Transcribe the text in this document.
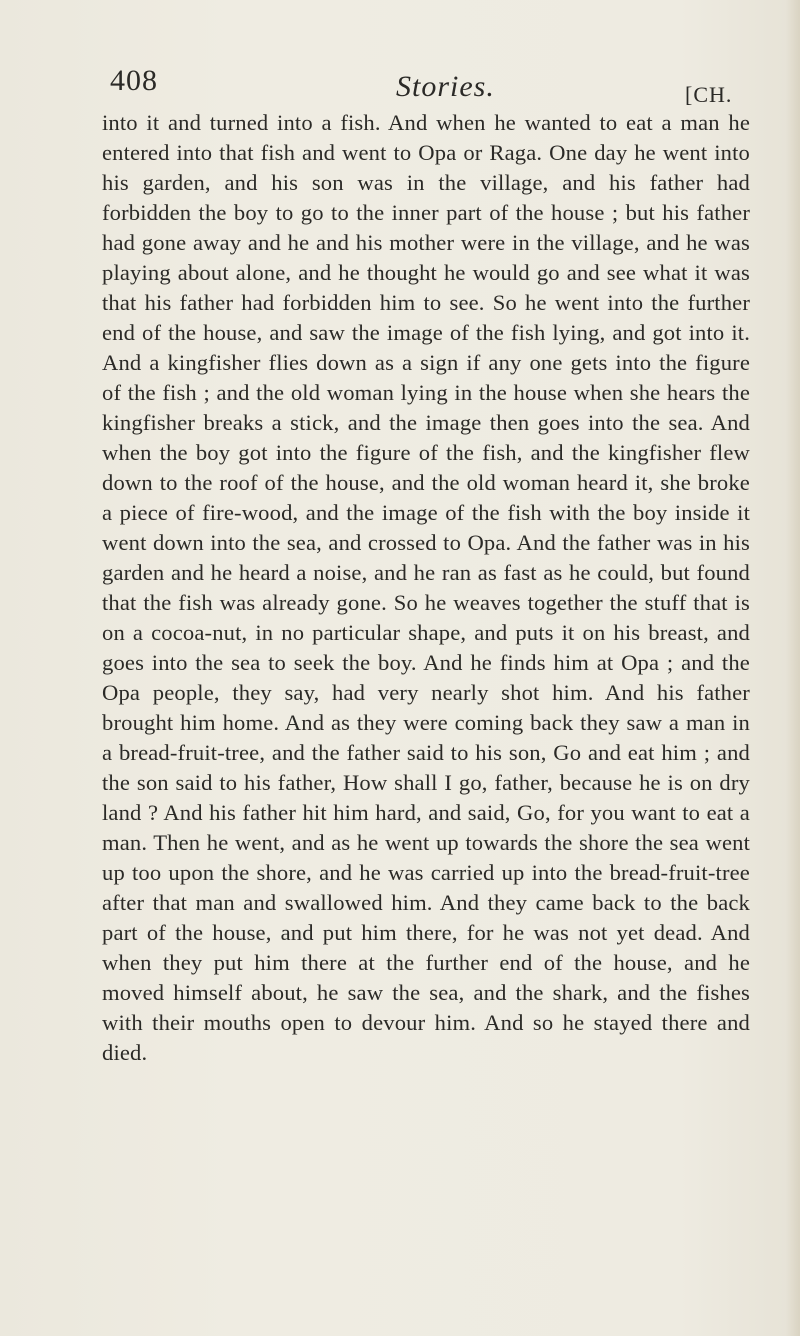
408	Stories.	[CH.

into it and turned into a fish. And when he wanted to eat a man he entered into that fish and went to Opa or Raga. One day he went into his garden, and his son was in the village, and his father had forbidden the boy to go to the inner part of the house ; but his father had gone away and he and his mother were in the village, and he was playing about alone, and he thought he would go and see what it was that his father had forbidden him to see. So he went into the further end of the house, and saw the image of the fish lying, and got into it. And a kingfisher flies down as a sign if any one gets into the figure of the fish ; and the old woman lying in the house when she hears the kingfisher breaks a stick, and the image then goes into the sea. And when the boy got into the figure of the fish, and the kingfisher flew down to the roof of the house, and the old woman heard it, she broke a piece of fire-wood, and the image of the fish with the boy inside it went down into the sea, and crossed to Opa. And the father was in his garden and he heard a noise, and he ran as fast as he could, but found that the fish was already gone. So he weaves together the stuff that is on a cocoa-nut, in no particular shape, and puts it on his breast, and goes into the sea to seek the boy. And he finds him at Opa ; and the Opa people, they say, had very nearly shot him. And his father brought him home. And as they were coming back they saw a man in a bread-fruit-tree, and the father said to his son, Go and eat him ; and the son said to his father, How shall I go, father, because he is on dry land ? And his father hit him hard, and said, Go, for you want to eat a man. Then he went, and as he went up towards the shore the sea went up too upon the shore, and he was carried up into the bread-fruit-tree after that man and swallowed him. And they came back to the back part of the house, and put him there, for he was not yet dead. And when they put him there at the further end of the house, and he moved himself about, he saw the sea, and the shark, and the fishes with their mouths open to devour him. And so he stayed there and died.
